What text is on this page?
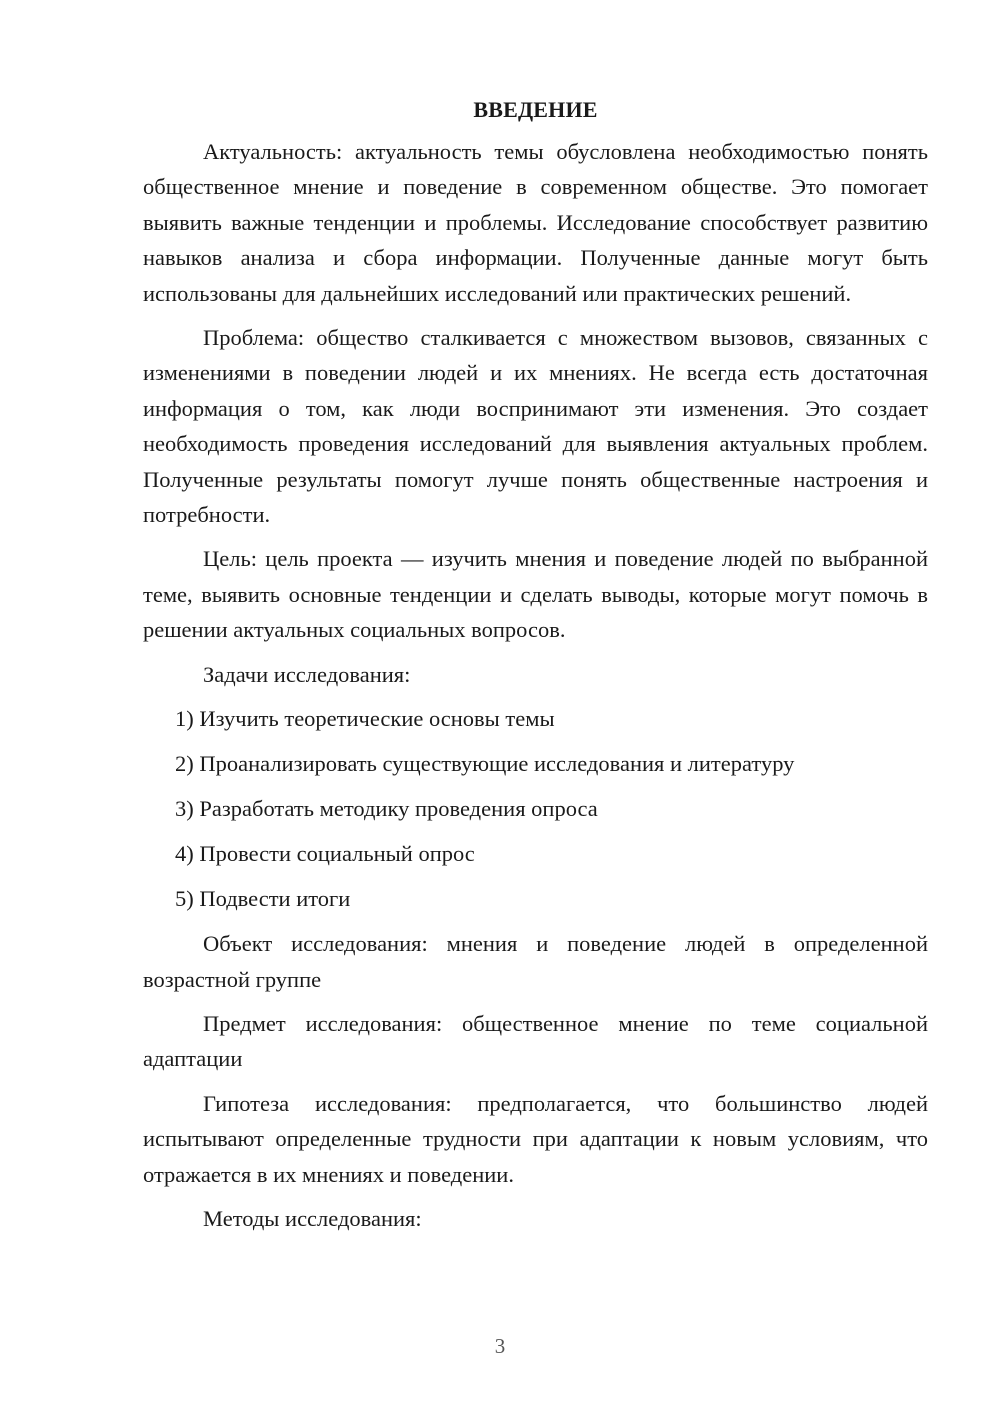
ВВЕДЕНИЕ

Актуальность: актуальность темы обусловлена необходимостью понять общественное мнение и поведение в современном обществе. Это помогает выявить важные тенденции и проблемы. Исследование способствует развитию навыков анализа и сбора информации. Полученные данные могут быть использованы для дальнейших исследований или практических решений.

Проблема: общество сталкивается с множеством вызовов, связанных с изменениями в поведении людей и их мнениях. Не всегда есть достаточная информация о том, как люди воспринимают эти изменения. Это создает необходимость проведения исследований для выявления актуальных проблем. Полученные результаты помогут лучше понять общественные настроения и потребности.

Цель: цель проекта — изучить мнения и поведение людей по выбранной теме, выявить основные тенденции и сделать выводы, которые могут помочь в решении актуальных социальных вопросов.

Задачи исследования:

1) Изучить теоретические основы темы
2) Проанализировать существующие исследования и литературу
3) Разработать методику проведения опроса
4) Провести социальный опрос
5) Подвести итоги

Объект исследования: мнения и поведение людей в определенной возрастной группе

Предмет исследования: общественное мнение по теме социальной адаптации

Гипотеза исследования: предполагается, что большинство людей испытывают определенные трудности при адаптации к новым условиям, что отражается в их мнениях и поведении.

Методы исследования:

3
